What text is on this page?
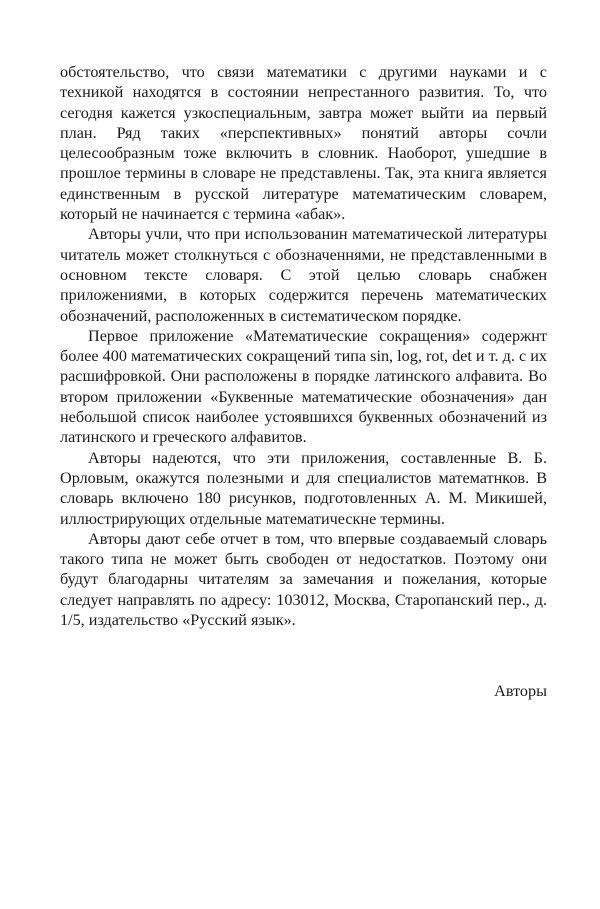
обстоятельство, что связи математики с другими науками и с техникой находятся в состоянии непрестанного развития. То, что сегодня кажется узкоспециальным, завтра может выйти иа первый план. Ряд таких «перспективных» понятий авторы сочли целесообразным тоже включить в словник. Наоборот, ушедшие в прошлое термины в словаре не представлены. Так, эта книга является единственным в русской литературе математическим словарем, который не начинается с термина «абак».

Авторы учли, что при использованин математической литературы читатель может столкнуться с обозначеннями, не представленными в основном тексте словаря. С этой целью словарь снабжен приложениями, в которых содержится перечень математических обозначений, расположенных в систематическом порядке.

Первое приложение «Математические сокращения» содержнт более 400 математических сокращений типа sin, log, rot, det и т. д. с их расшифровкой. Они расположены в порядке латинского алфавита. Во втором приложении «Буквенные математические обозначения» дан небольшой список наиболее устоявшихся буквенных обозначений из латинского и греческого алфавитов.

Авторы надеются, что эти приложения, составленные В. Б. Орловым, окажутся полезными и для специалистов математнков. В словарь включено 180 рисунков, подготовленных А. М. Микишей, иллюстрирующих отдельные математическне термины.

Авторы дают себе отчет в том, что впервые создаваемый словарь такого типа не может быть свободен от недостатков. Поэтому они будут благодарны читателям за замечания и пожелания, которые следует направлять по адресу: 103012, Москва, Старопанский пер., д. 1/5, издательство «Русский язык».

Авторы
